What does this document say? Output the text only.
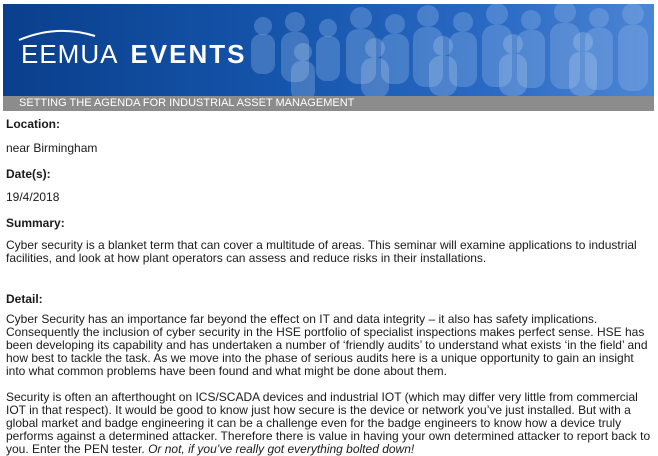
EEMUA EVENTS
SETTING THE AGENDA FOR INDUSTRIAL ASSET MANAGEMENT

Location:

near Birmingham

Date(s):

19/4/2018

Summary:

Cyber security is a blanket term that can cover a multitude of areas. This seminar will examine applications to industrial facilities, and look at how plant operators can assess and reduce risks in their installations.

Detail:

Cyber Security has an importance far beyond the effect on IT and data integrity – it also has safety implications. Consequently the inclusion of cyber security in the HSE portfolio of specialist inspections makes perfect sense. HSE has been developing its capability and has undertaken a number of ‘friendly audits’ to understand what exists ‘in the field’ and how best to tackle the task. As we move into the phase of serious audits here is a unique opportunity to gain an insight into what common problems have been found and what might be done about them.

Security is often an afterthought on ICS/SCADA devices and industrial IOT (which may differ very little from commercial IOT in that respect). It would be good to know just how secure is the device or network you’ve just installed. But with a global market and badge engineering it can be a challenge even for the badge engineers to know how a device truly performs against a determined attacker. Therefore there is value in having your own determined attacker to report back to you. Enter the PEN tester. Or not, if you’ve really got everything bolted down!
